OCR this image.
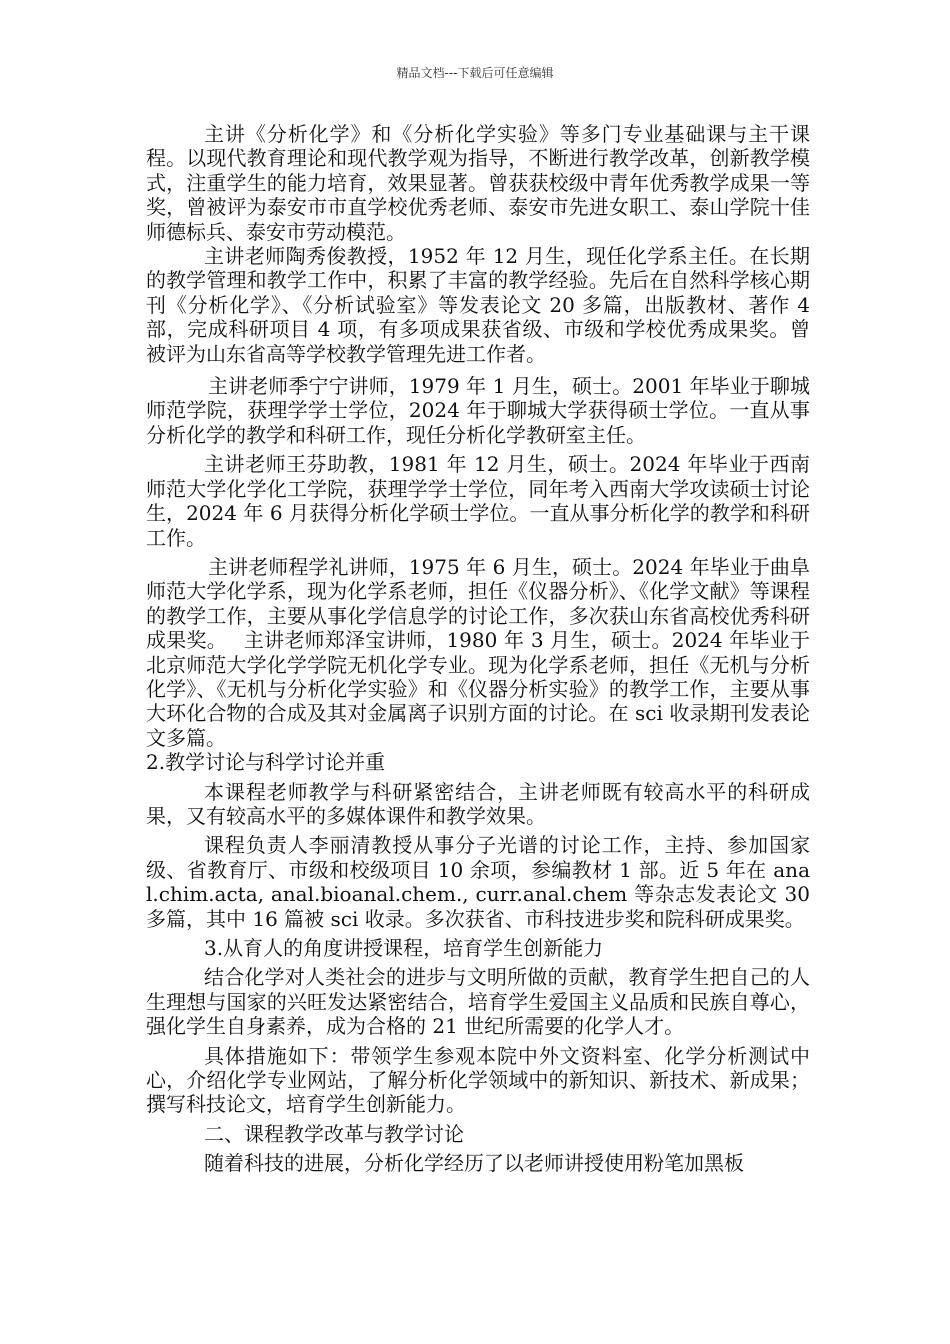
精品文档---下载后可任意编辑

主讲《分析化学》和《分析化学实验》等多门专业基础课与主干课程。以现代教育理论和现代教学观为指导，不断进行教学改革，创新教学模式，注重学生的能力培育，效果显著。曾获获校级中青年优秀教学成果一等奖，曾被评为泰安市市直学校优秀老师、泰安市先进女职工、泰山学院十佳师德标兵、泰安市劳动模范。

主讲老师陶秀俊教授，1952 年 12 月生，现任化学系主任。在长期的教学管理和教学工作中，积累了丰富的教学经验。先后在自然科学核心期刊《分析化学》、《分析试验室》等发表论文 20 多篇，出版教材、著作 4 部，完成科研项目 4 项，有多项成果获省级、市级和学校优秀成果奖。曾被评为山东省高等学校教学管理先进工作者。

主讲老师季宁宁讲师，1979 年 1 月生，硕士。2001 年毕业于聊城师范学院，获理学学士学位，2024 年于聊城大学获得硕士学位。一直从事分析化学的教学和科研工作，现任分析化学教研室主任。

主讲老师王芬助教，1981 年 12 月生，硕士。2024 年毕业于西南师范大学化学化工学院，获理学学士学位，同年考入西南大学攻读硕士讨论生，2024 年 6 月获得分析化学硕士学位。一直从事分析化学的教学和科研工作。

主讲老师程学礼讲师，1975 年 6 月生，硕士。2024 年毕业于曲阜师范大学化学系，现为化学系老师，担任《仪器分析》、《化学文献》等课程的教学工作，主要从事化学信息学的讨论工作，多次获山东省高校优秀科研成果奖。　 主讲老师郑泽宝讲师，1980 年 3 月生，硕士。2024 年毕业于北京师范大学化学学院无机化学专业。现为化学系老师，担任《无机与分析化学》、《无机与分析化学实验》和《仪器分析实验》的教学工作，主要从事大环化合物的合成及其对金属离子识别方面的讨论。在 sci 收录期刊发表论文多篇。

2.教学讨论与科学讨论并重

本课程老师教学与科研紧密结合，主讲老师既有较高水平的科研成果，又有较高水平的多媒体课件和教学效果。

课程负责人李丽清教授从事分子光谱的讨论工作，主持、参加国家级、省教育厅、市级和校级项目 10 余项，参编教材 1 部。近 5 年在 anal.chim.acta, anal.bioanal.chem., curr.anal.chem 等杂志发表论文 30 多篇，其中 16 篇被 sci 收录。多次获省、市科技进步奖和院科研成果奖。

3.从育人的角度讲授课程，培育学生创新能力

结合化学对人类社会的进步与文明所做的贡献，教育学生把自己的人生理想与国家的兴旺发达紧密结合，培育学生爱国主义品质和民族自尊心，强化学生自身素养，成为合格的 21 世纪所需要的化学人才。

具体措施如下：带领学生参观本院中外文资料室、化学分析测试中心，介绍化学专业网站，了解分析化学领域中的新知识、新技术、新成果；撰写科技论文，培育学生创新能力。

二、课程教学改革与教学讨论

随着科技的进展，分析化学经历了以老师讲授使用粉笔加黑板
